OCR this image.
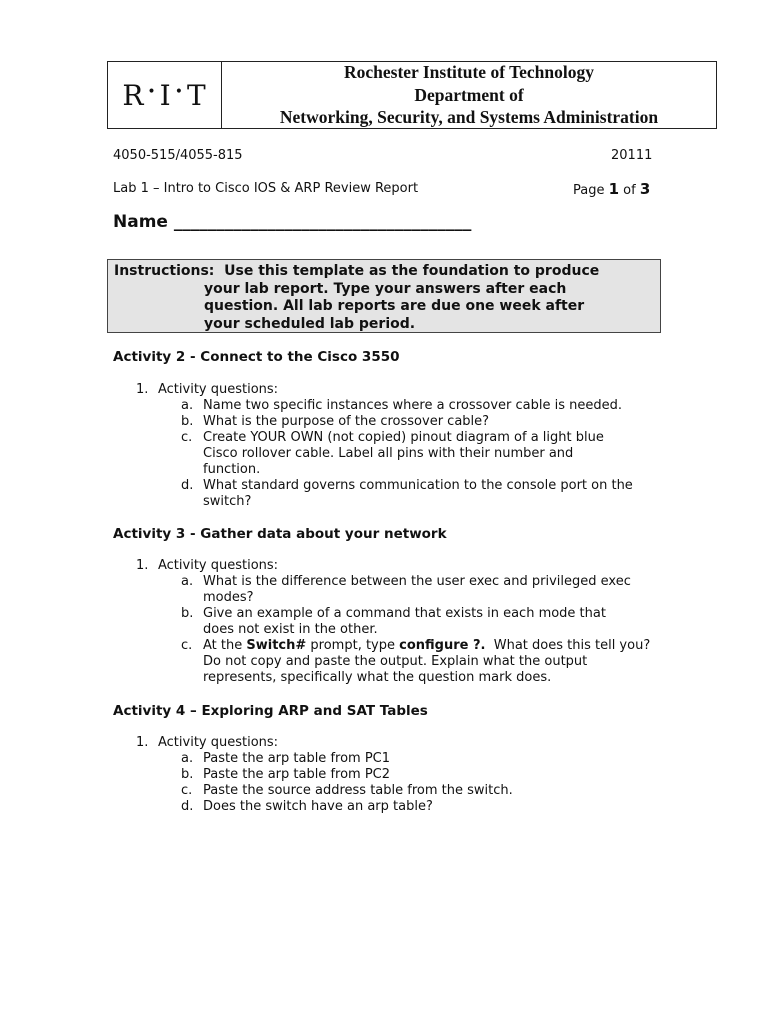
R • I • T
Rochester Institute of Technology
Department of
Networking, Security, and Systems Administration
4050-515/4055-815	20111
Lab 1 – Intro to Cisco IOS & ARP Review Report	Page 1 of 3
Name ___________________________________
Instructions: Use this template as the foundation to produce
your lab report. Type your answers after each
question. All lab reports are due one week after
your scheduled lab period.
Activity 2 - Connect to the Cisco 3550
1. Activity questions:
a. Name two specific instances where a crossover cable is needed.
b. What is the purpose of the crossover cable?
c. Create YOUR OWN (not copied) pinout diagram of a light blue Cisco rollover cable. Label all pins with their number and function.
d. What standard governs communication to the console port on the switch?
Activity 3 - Gather data about your network
1. Activity questions:
a. What is the difference between the user exec and privileged exec modes?
b. Give an example of a command that exists in each mode that does not exist in the other.
c. At the Switch# prompt, type configure ?.  What does this tell you? Do not copy and paste the output. Explain what the output represents, specifically what the question mark does.
Activity 4 – Exploring ARP and SAT Tables
1. Activity questions:
a. Paste the arp table from PC1
b. Paste the arp table from PC2
c. Paste the source address table from the switch.
d. Does the switch have an arp table?
